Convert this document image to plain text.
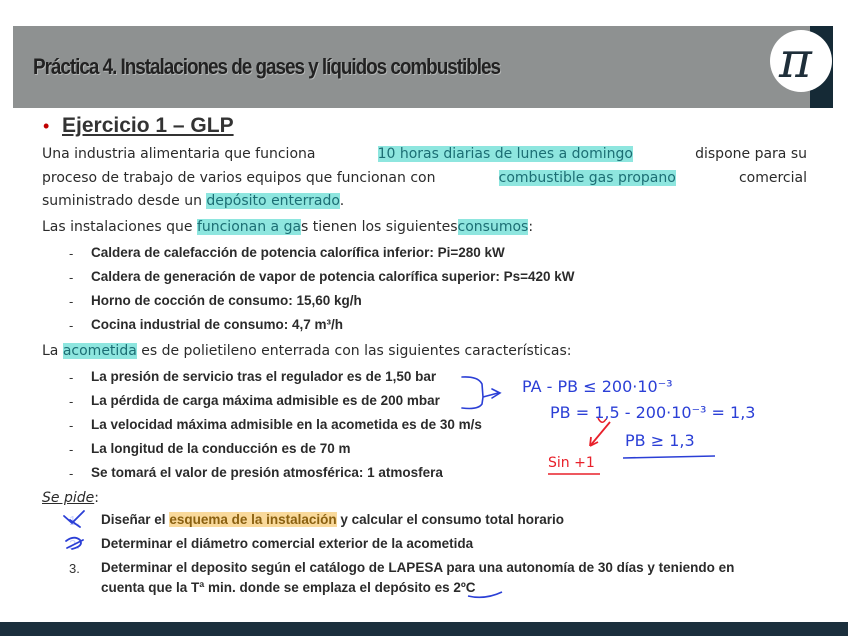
Práctica 4. Instalaciones de gases y líquidos combustibles	π
• Ejercicio 1 – GLP
Una industria alimentaria que funciona	10 horas diarias de lunes a domingo	dispone para su
proceso de trabajo de varios equipos que funcionan con	combustible gas propano	comercial
suministrado desde un depósito enterrado.
Las instalaciones que funcionan a gas tienen los siguientesconsumos:
- Caldera de calefacción de potencia calorífica inferior: Pi=280 kW
- Caldera de generación de vapor de potencia calorífica superior: Ps=420 kW
- Horno de cocción de consumo: 15,60 kg/h
- Cocina industrial de consumo: 4,7 m³/h
La acometida es de polietileno enterrada con las siguientes características:
- La presión de servicio tras el regulador es de 1,50 bar
- La pérdida de carga máxima admisible es de 200 mbar
- La velocidad máxima admisible en la acometida es de 30 m/s
- La longitud de la conducción es de 70 m
- Se tomará el valor de presión atmosférica: 1 atmosfera
Se pide:
1. Diseñar el esquema de la instalación y calcular el consumo total horario
2. Determinar el diámetro comercial exterior de la acometida
3. Determinar el deposito según el catálogo de LAPESA para una autonomía de 30 días y teniendo en
cuenta que la Tª min. donde se emplaza el depósito es 2ºC
PA - PB ≤ 200·10⁻³
PB = 1,5 - 200·10⁻³ = 1,3
PB ≥ 1,3
Sin +1
